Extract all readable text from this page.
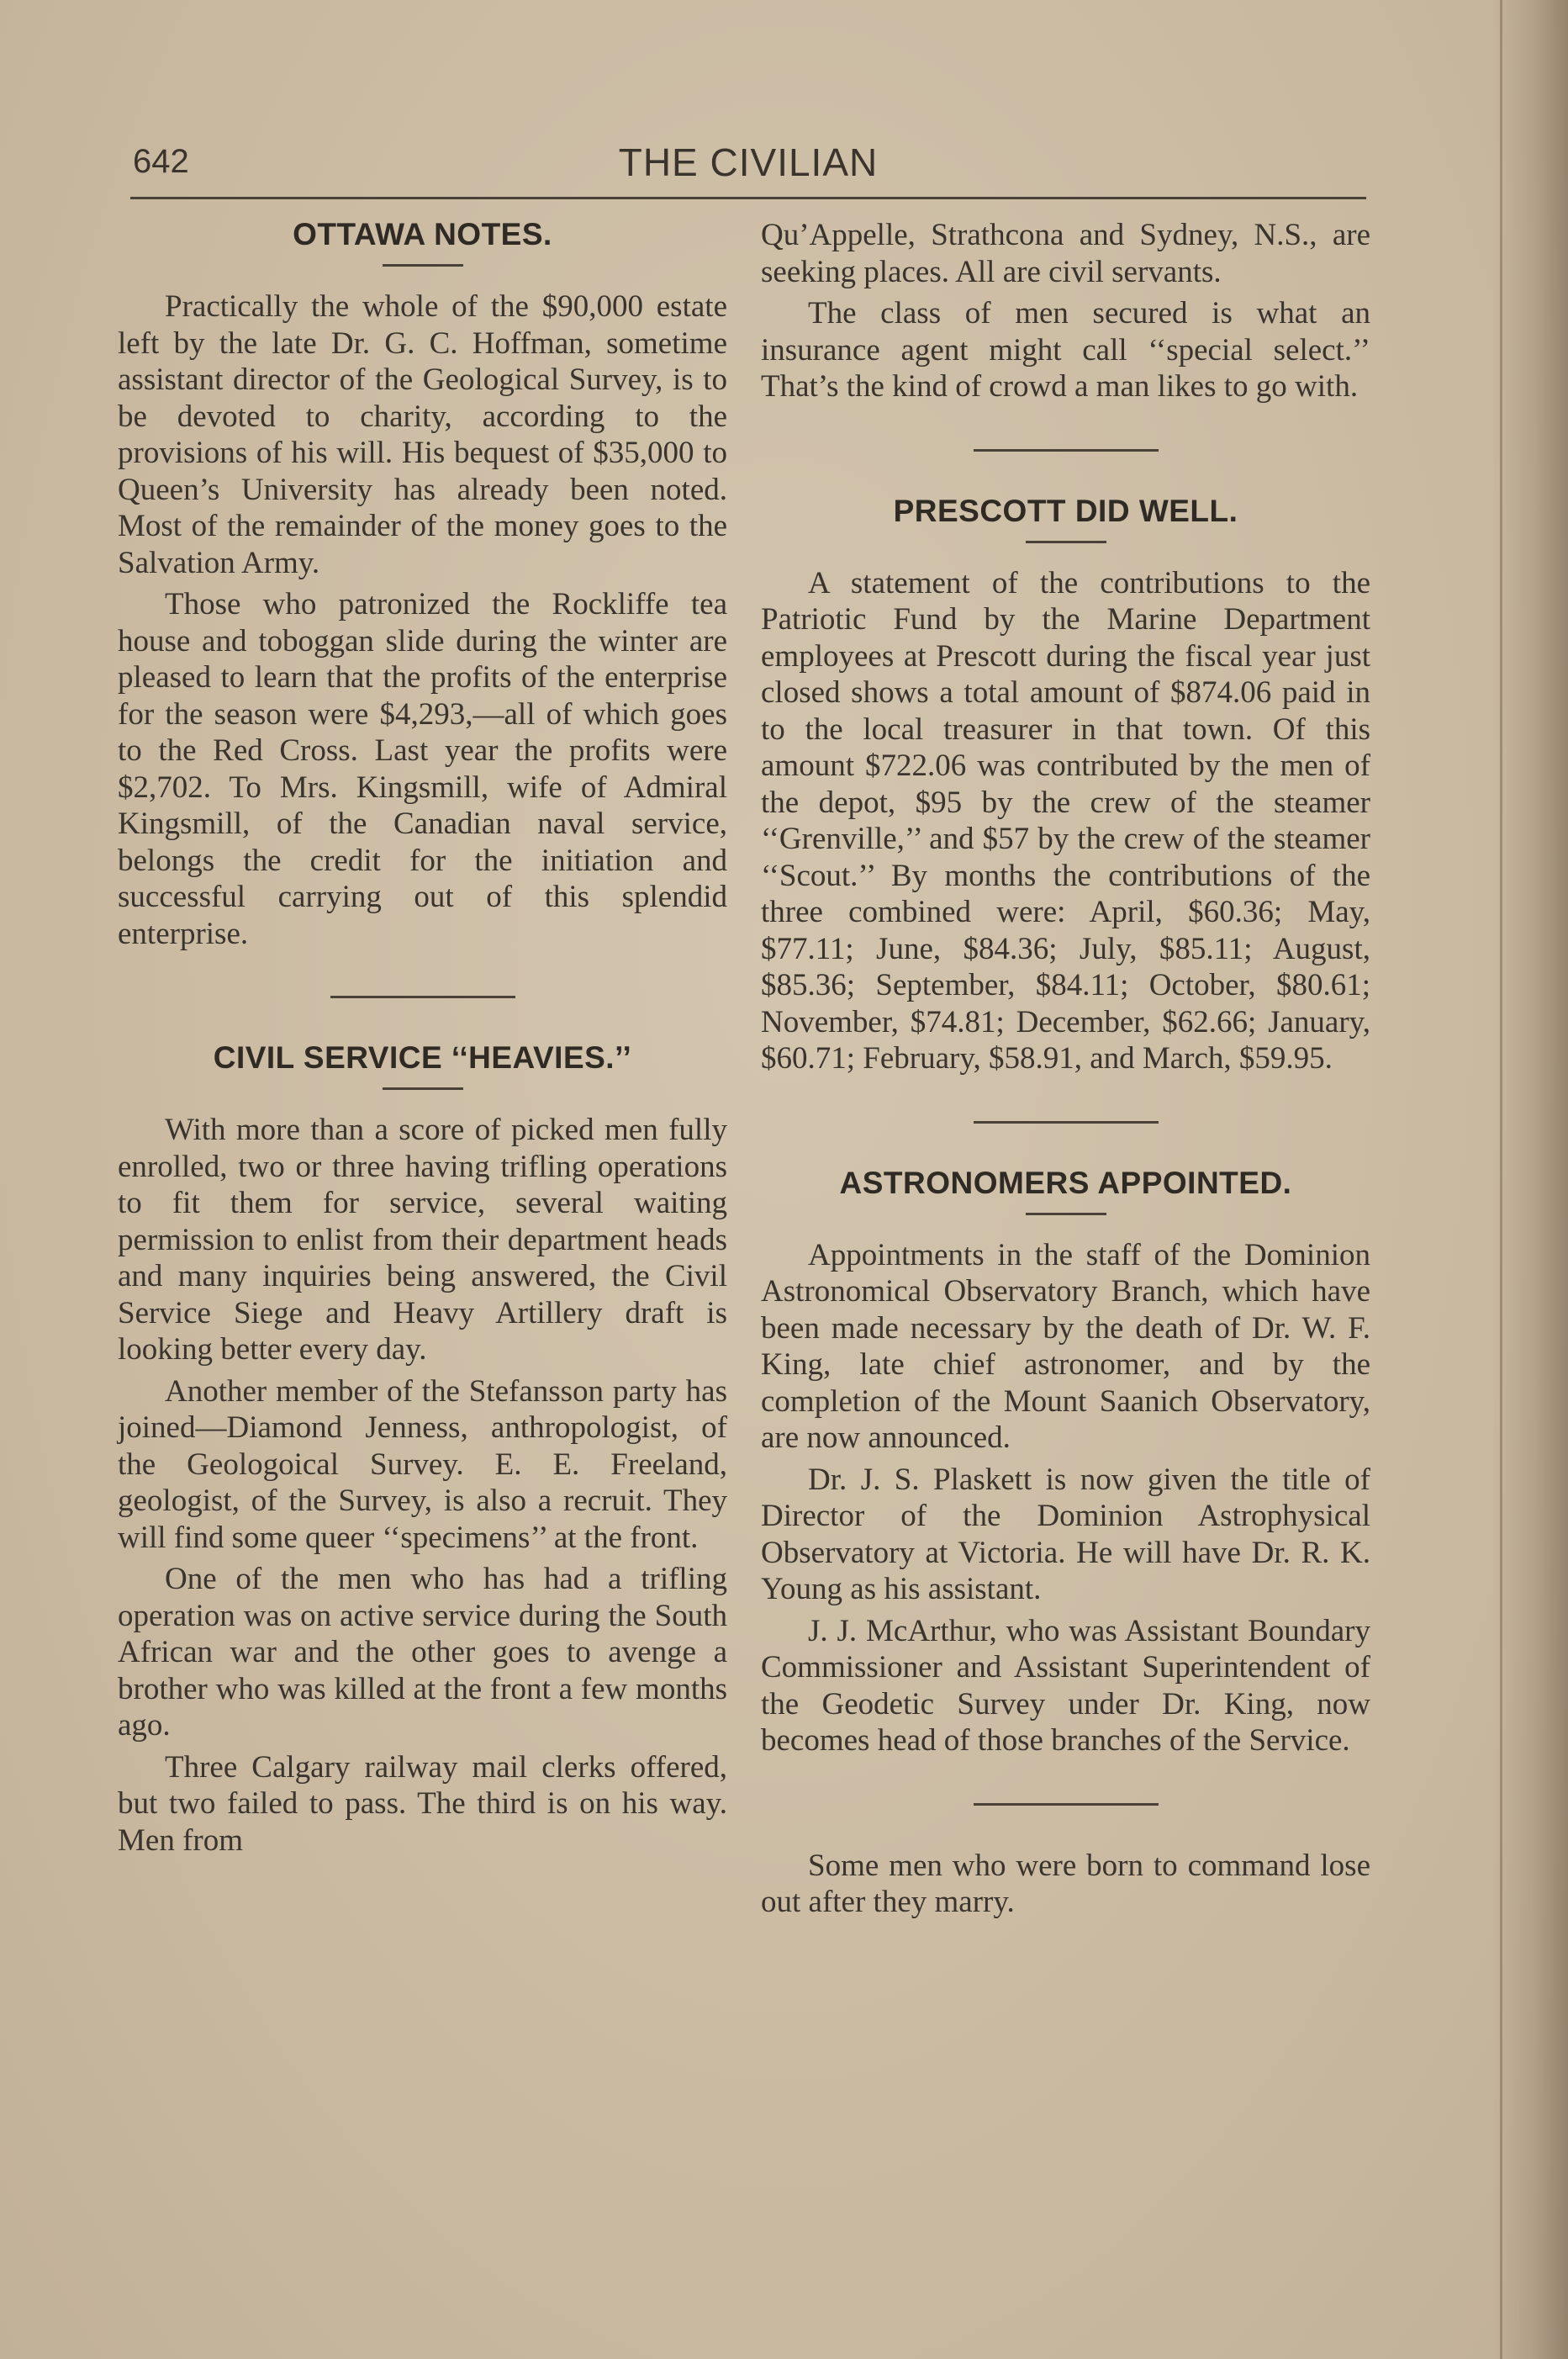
642	THE CIVILIAN
OTTAWA NOTES.

Practically the whole of the $90,000 estate left by the late Dr. G. C. Hoffman, sometime assistant director of the Geological Survey, is to be devoted to charity, according to the provisions of his will. His bequest of $35,000 to Queen’s University has already been noted. Most of the remainder of the money goes to the Salvation Army.

Those who patronized the Rockliffe tea house and toboggan slide during the winter are pleased to learn that the profits of the enterprise for the season were $4,293,—all of which goes to the Red Cross. Last year the profits were $2,702. To Mrs. Kingsmill, wife of Admiral Kingsmill, of the Canadian naval service, belongs the credit for the initiation and successful carrying out of this splendid enterprise.

CIVIL SERVICE ‘‘HEAVIES.’’

With more than a score of picked men fully enrolled, two or three having trifling operations to fit them for service, several waiting permission to enlist from their department heads and many inquiries being answered, the Civil Service Siege and Heavy Artillery draft is looking better every day.

Another member of the Stefansson party has joined—Diamond Jenness, anthropologist, of the Geologoical Survey. E. E. Freeland, geologist, of the Survey, is also a recruit. They will find some queer ‘‘specimens’’ at the front.

One of the men who has had a trifling operation was on active service during the South African war and the other goes to avenge a brother who was killed at the front a few months ago.

Three Calgary railway mail clerks offered, but two failed to pass. The third is on his way. Men from

Qu’Appelle, Strathcona and Sydney, N.S., are seeking places. All are civil servants.

The class of men secured is what an insurance agent might call ‘‘special select.’’ That’s the kind of crowd a man likes to go with.

PRESCOTT DID WELL.

A statement of the contributions to the Patriotic Fund by the Marine Department employees at Prescott during the fiscal year just closed shows a total amount of $874.06 paid in to the local treasurer in that town. Of this amount $722.06 was contributed by the men of the depot, $95 by the crew of the steamer ‘‘Grenville,’’ and $57 by the crew of the steamer ‘‘Scout.’’ By months the contributions of the three combined were: April, $60.36; May, $77.11; June, $84.36; July, $85.11; August, $85.36; September, $84.11; October, $80.61; November, $74.81; December, $62.66; January, $60.71; February, $58.91, and March, $59.95.

ASTRONOMERS APPOINTED.

Appointments in the staff of the Dominion Astronomical Observatory Branch, which have been made necessary by the death of Dr. W. F. King, late chief astronomer, and by the completion of the Mount Saanich Observatory, are now announced.

Dr. J. S. Plaskett is now given the title of Director of the Dominion Astrophysical Observatory at Victoria. He will have Dr. R. K. Young as his assistant.

J. J. McArthur, who was Assistant Boundary Commissioner and Assistant Superintendent of the Geodetic Survey under Dr. King, now becomes head of those branches of the Service.

Some men who were born to command lose out after they marry.
